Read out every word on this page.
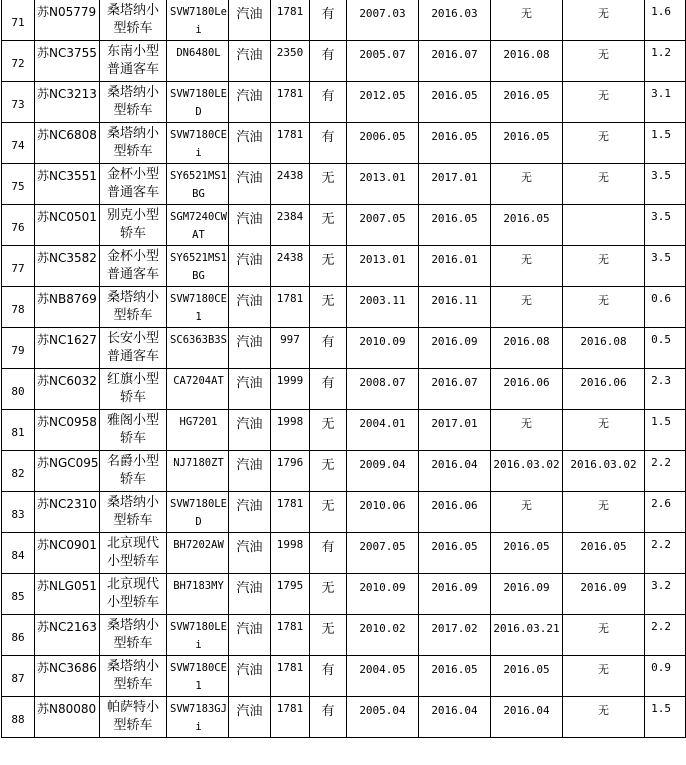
71	苏N05779	桑塔纳小型轿车	SVW7180Lei	汽油	1781	有	2007.03	2016.03	无	无	1.6
72	苏NC3755	东南小型普通客车	DN6480L	汽油	2350	有	2005.07	2016.07	2016.08	无	1.2
73	苏NC3213	桑塔纳小型轿车	SVW7180LED	汽油	1781	有	2012.05	2016.05	2016.05	无	3.1
74	苏NC6808	桑塔纳小型轿车	SVW7180CEi	汽油	1781	有	2006.05	2016.05	2016.05	无	1.5
75	苏NC3551	金杯小型普通客车	SY6521MS1BG	汽油	2438	无	2013.01	2017.01	无	无	3.5
76	苏NC0501	别克小型轿车	SGM7240CWAT	汽油	2384	无	2007.05	2016.05	2016.05		3.5
77	苏NC3582	金杯小型普通客车	SY6521MS1BG	汽油	2438	无	2013.01	2016.01	无	无	3.5
78	苏NB8769	桑塔纳小型轿车	SVW7180CE1	汽油	1781	无	2003.11	2016.11	无	无	0.6
79	苏NC1627	长安小型普通客车	SC6363B3S	汽油	997	有	2010.09	2016.09	2016.08	2016.08	0.5
80	苏NC6032	红旗小型轿车	CA7204AT	汽油	1999	有	2008.07	2016.07	2016.06	2016.06	2.3
81	苏NC0958	雅阁小型轿车	HG7201	汽油	1998	无	2004.01	2017.01	无	无	1.5
82	苏NGC095	名爵小型轿车	NJ7180ZT	汽油	1796	无	2009.04	2016.04	2016.03.02	2016.03.02	2.2
83	苏NC2310	桑塔纳小型轿车	SVW7180LED	汽油	1781	无	2010.06	2016.06	无	无	2.6
84	苏NC0901	北京现代小型轿车	BH7202AW	汽油	1998	有	2007.05	2016.05	2016.05	2016.05	2.2
85	苏NLG051	北京现代小型轿车	BH7183MY	汽油	1795	无	2010.09	2016.09	2016.09	2016.09	3.2
86	苏NC2163	桑塔纳小型轿车	SVW7180LEi	汽油	1781	无	2010.02	2017.02	2016.03.21	无	2.2
87	苏NC3686	桑塔纳小型轿车	SVW7180CE1	汽油	1781	有	2004.05	2016.05	2016.05	无	0.9
88	苏N80080	帕萨特小型轿车	SVW7183GJi	汽油	1781	有	2005.04	2016.04	2016.04	无	1.5
